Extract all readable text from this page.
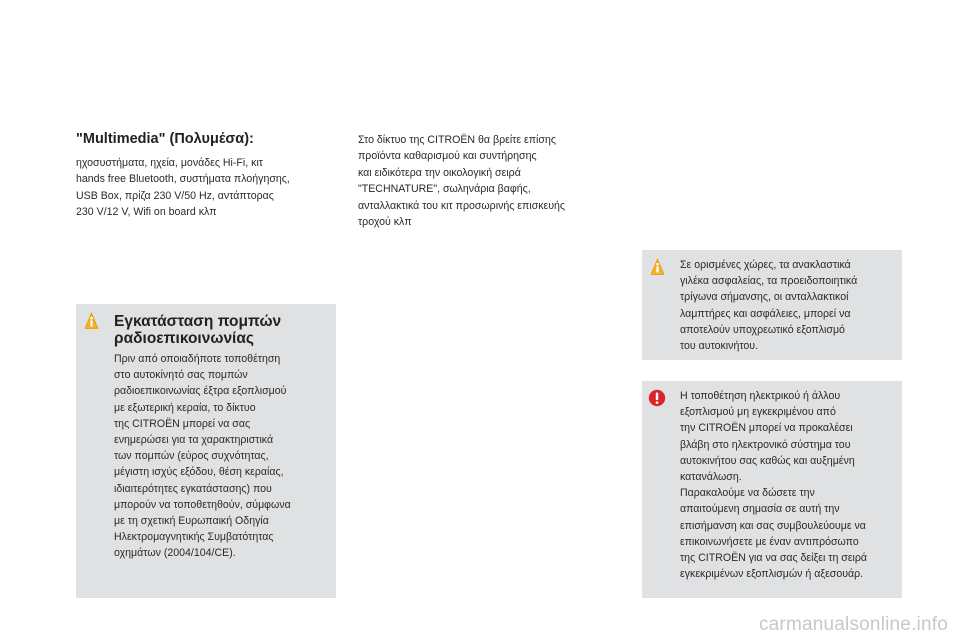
"Multimedia" (Πολυμέσα):

ηχοσυστήματα, ηχεία, μονάδες Hi-Fi, κιτ
hands free Bluetooth, συστήματα πλοήγησης,
USB Box, πρίζα 230 V/50 Hz, αντάπτορας
230 V/12 V, Wifi on board κλπ

Στο δίκτυο της CITROËN θα βρείτε επίσης
προϊόντα καθαρισμού και συντήρησης
και ειδικότερα την οικολογική σειρά
"TECHNATURE", σωληνάρια βαφής,
ανταλλακτικά του κιτ προσωρινής επισκευής
τροχού κλπ

Εγκατάσταση πομπών
ραδιοεπικοινωνίας
Πριν από οποιαδήποτε τοποθέτηση
στο αυτοκίνητό σας πομπών
ραδιοεπικοινωνίας έξτρα εξοπλισμού
με εξωτερική κεραία, το δίκτυο
της CITROËN μπορεί να σας
ενημερώσει για τα χαρακτηριστικά
των πομπών (εύρος συχνότητας,
μέγιστη ισχύς εξόδου, θέση κεραίας,
ιδιαιτερότητες εγκατάστασης) που
μπορούν να τοποθετηθούν, σύμφωνα
με τη σχετική Ευρωπαική Οδηγία
Ηλεκτρομαγνητικής Συμβατότητας
οχημάτων (2004/104/CE).
Σε ορισμένες χώρες, τα ανακλαστικά
γιλέκα ασφαλείας, τα προειδοποιητικά
τρίγωνα σήμανσης, οι ανταλλακτικοί
λαμπτήρες και ασφάλειες, μπορεί να
αποτελούν υποχρεωτικό εξοπλισμό
του αυτοκινήτου.
Η τοποθέτηση ηλεκτρικού ή άλλου
εξοπλισμού μη εγκεκριμένου από
την CITROËN μπορεί να προκαλέσει
βλάβη στο ηλεκτρονικό σύστημα του
αυτοκινήτου σας καθώς και αυξημένη
κατανάλωση.
Παρακαλούμε να δώσετε την
απαιτούμενη σημασία σε αυτή την
επισήμανση και σας συμβουλεύουμε να
επικοινωνήσετε με έναν αντιπρόσωπο
της CITROËN για να σας δείξει τη σειρά
εγκεκριμένων εξοπλισμών ή αξεσουάρ.
carmanualsonline.info
